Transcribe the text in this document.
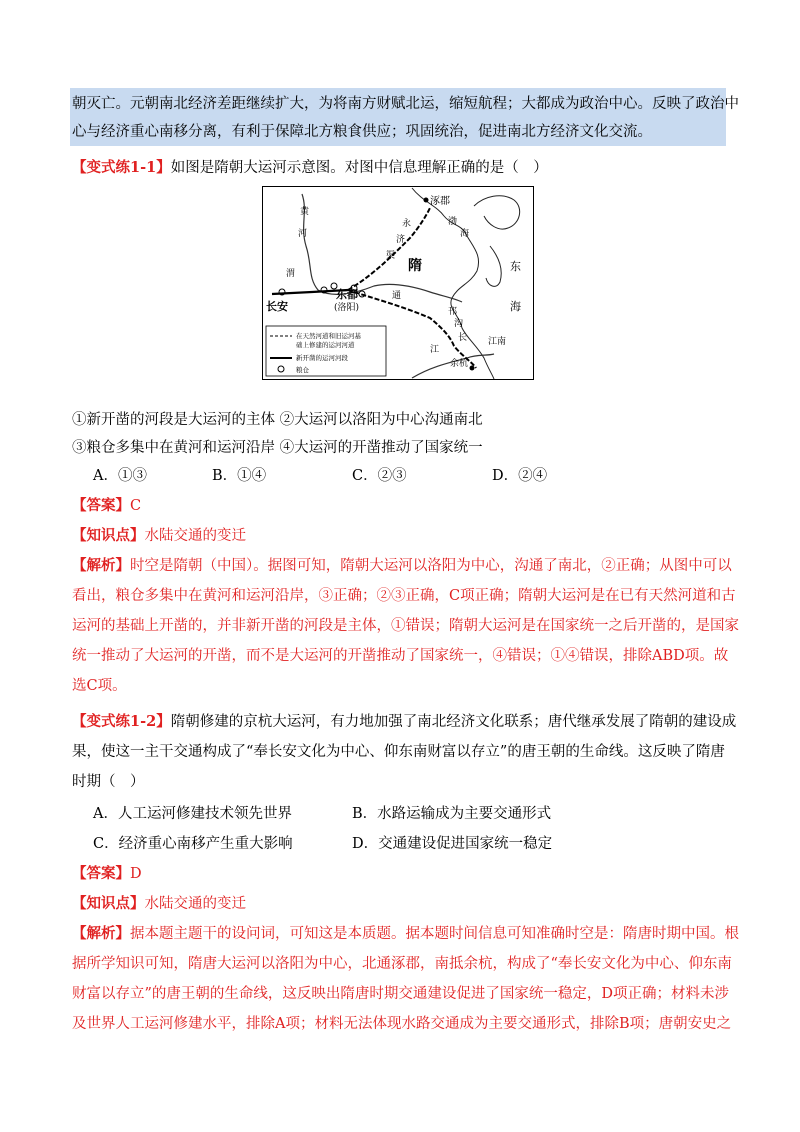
朝灭亡。元朝南北经济差距继续扩大，为将南方财赋北运，缩短航程；大都成为政治中心。反映了政治中
心与经济重心南移分离，有利于保障北方粮食供应；巩固统治，促进南北方经济文化交流。
【变式练1-1】如图是隋朝大运河示意图。对图中信息理解正确的是（　）
涿郡
隋
渤
海
东
海
黄
河
东都
(洛阳)
长安
余杭
长
江
永
济
渠
通
邗
沟
江南
渭
在天然河道和旧运河基
础上修建的运河河道
新开凿的运河河段
粮仓
①新开凿的河段是大运河的主体 ②大运河以洛阳为中心沟通南北
③粮仓多集中在黄河和运河沿岸 ④大运河的开凿推动了国家统一
A．①③	B．①④	C．②③	D．②④
【答案】C
【知识点】水陆交通的变迁
【解析】时空是隋朝（中国）。据图可知，隋朝大运河以洛阳为中心，沟通了南北，②正确；从图中可以
看出，粮仓多集中在黄河和运河沿岸，③正确；②③正确，C项正确；隋朝大运河是在已有天然河道和古
运河的基础上开凿的，并非新开凿的河段是主体，①错误；隋朝大运河是在国家统一之后开凿的，是国家
统一推动了大运河的开凿，而不是大运河的开凿推动了国家统一，④错误；①④错误，排除ABD项。故
选C项。
【变式练1-2】隋朝修建的京杭大运河，有力地加强了南北经济文化联系；唐代继承发展了隋朝的建设成
果，使这一主干交通构成了“奉长安文化为中心、仰东南财富以存立”的唐王朝的生命线。这反映了隋唐
时期（　）
A．人工运河修建技术领先世界	B．水路运输成为主要交通形式
C．经济重心南移产生重大影响	D．交通建设促进国家统一稳定
【答案】D
【知识点】水陆交通的变迁
【解析】据本题主题干的设问词，可知这是本质题。据本题时间信息可知准确时空是：隋唐时期中国。根
据所学知识可知，隋唐大运河以洛阳为中心，北通涿郡，南抵余杭，构成了“奉长安文化为中心、仰东南
财富以存立”的唐王朝的生命线，这反映出隋唐时期交通建设促进了国家统一稳定，D项正确；材料未涉
及世界人工运河修建水平，排除A项；材料无法体现水路交通成为主要交通形式，排除B项；唐朝安史之
